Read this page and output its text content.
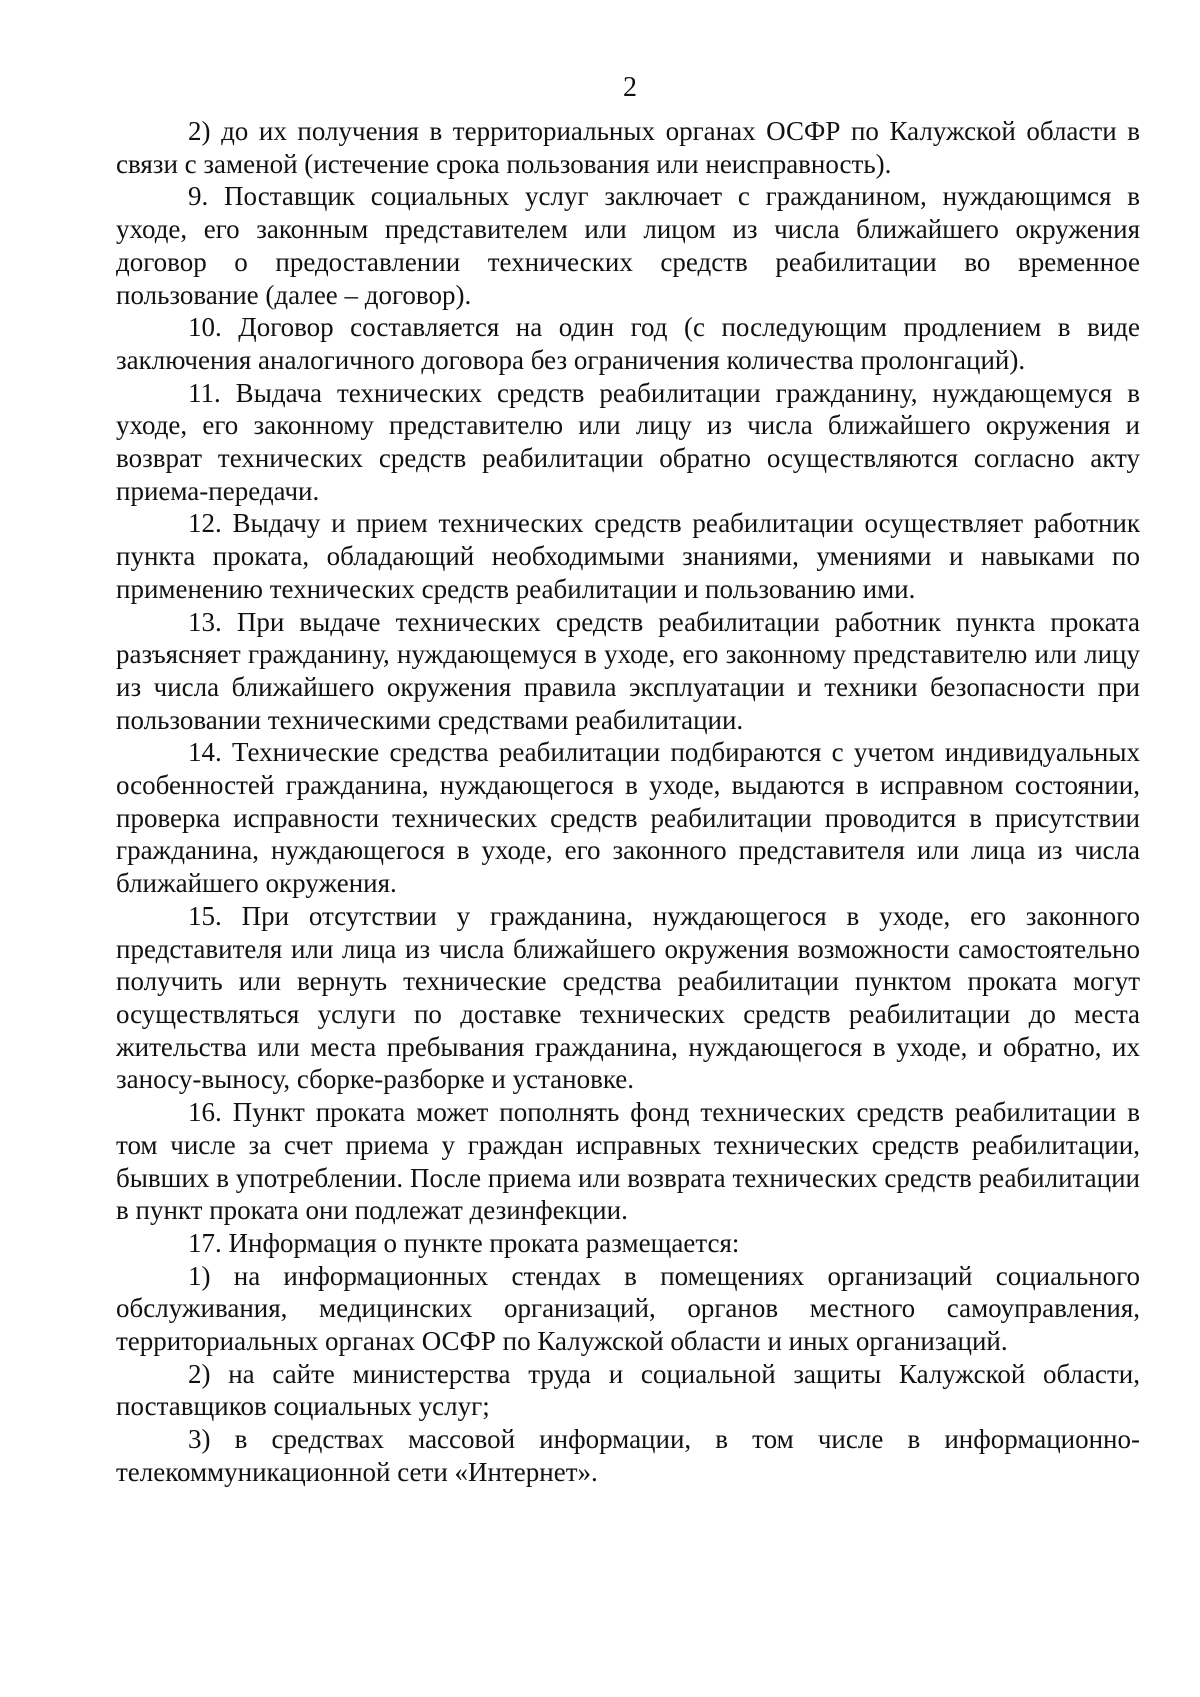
2

2) до их получения в территориальных органах ОСФР по Калужской области в связи с заменой (истечение срока пользования или неисправность).

9. Поставщик социальных услуг заключает с гражданином, нуждающимся в уходе, его законным представителем или лицом из числа ближайшего окружения договор о предоставлении технических средств реабилитации во временное пользование (далее – договор).

10. Договор составляется на один год (с последующим продлением в виде заключения аналогичного договора без ограничения количества пролонгаций).

11. Выдача технических средств реабилитации гражданину, нуждающемуся в уходе, его законному представителю или лицу из числа ближайшего окружения и возврат технических средств реабилитации обратно осуществляются согласно акту приема-передачи.

12. Выдачу и прием технических средств реабилитации осуществляет работник пункта проката, обладающий необходимыми знаниями, умениями и навыками по применению технических средств реабилитации и пользованию ими.

13. При выдаче технических средств реабилитации работник пункта проката разъясняет гражданину, нуждающемуся в уходе, его законному представителю или лицу из числа ближайшего окружения правила эксплуатации и техники безопасности при пользовании техническими средствами реабилитации.

14. Технические средства реабилитации подбираются с учетом индивидуальных особенностей гражданина, нуждающегося в уходе, выдаются в исправном состоянии, проверка исправности технических средств реабилитации проводится в присутствии гражданина, нуждающегося в уходе, его законного представителя или лица из числа ближайшего окружения.

15. При отсутствии у гражданина, нуждающегося в уходе, его законного представителя или лица из числа ближайшего окружения возможности самостоятельно получить или вернуть технические средства реабилитации пунктом проката могут осуществляться услуги по доставке технических средств реабилитации до места жительства или места пребывания гражданина, нуждающегося в уходе, и обратно, их заносу-выносу, сборке-разборке и установке.

16. Пункт проката может пополнять фонд технических средств реабилитации в том числе за счет приема у граждан исправных технических средств реабилитации, бывших в употреблении. После приема или возврата технических средств реабилитации в пункт проката они подлежат дезинфекции.

17. Информация о пункте проката размещается:

1) на информационных стендах в помещениях организаций социального обслуживания, медицинских организаций, органов местного самоуправления, территориальных органах ОСФР по Калужской области и иных организаций.

2) на сайте министерства труда и социальной защиты Калужской области, поставщиков социальных услуг;

3) в средствах массовой информации, в том числе в информационно-телекоммуникационной сети «Интернет».
